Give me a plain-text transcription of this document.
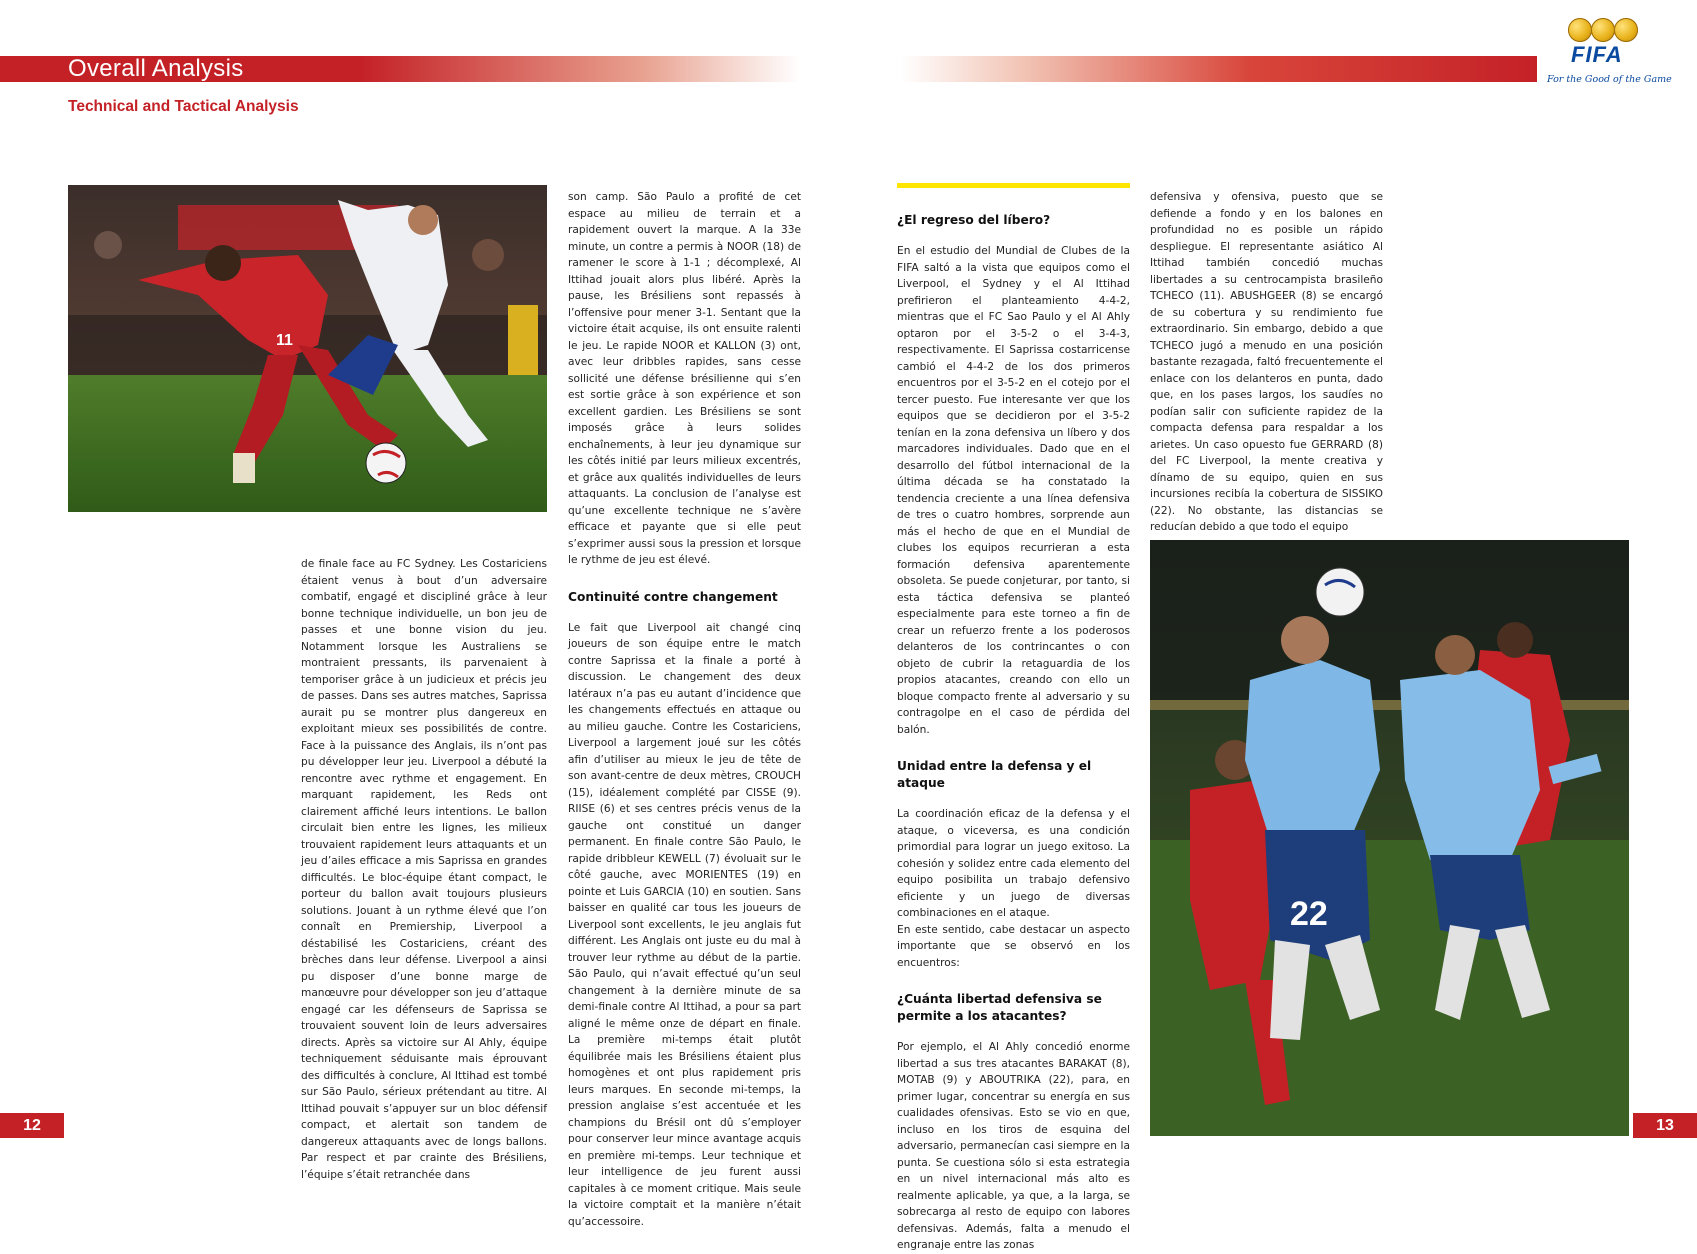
Overall Analysis
Technical and Tactical Analysis
FIFA
For the Good of the Game
11

de finale face au FC Sydney. Les Costariciens étaient venus à bout d’un adversaire combatif, engagé et discipliné grâce à leur bonne technique individuelle, un bon jeu de passes et une bonne vision du jeu. Notamment lorsque les Australiens se montraient pressants, ils parvenaient à temporiser grâce à un judicieux et précis jeu de passes. Dans ses autres matches, Saprissa aurait pu se montrer plus dangereux en exploitant mieux ses possibilités de contre. Face à la puissance des Anglais, ils n’ont pas pu développer leur jeu. Liverpool a débuté la rencontre avec rythme et engagement. En marquant rapidement, les Reds ont clairement affiché leurs intentions. Le ballon circulait bien entre les lignes, les milieux trouvaient rapidement leurs attaquants et un jeu d’ailes efficace a mis Saprissa en grandes difficultés. Le bloc-équipe étant compact, le porteur du ballon avait toujours plusieurs solutions. Jouant à un rythme élevé que l’on connaît en Premiership, Liverpool a déstabilisé les Costariciens, créant des brèches dans leur défense. Liverpool a ainsi pu disposer d’une bonne marge de manœuvre pour développer son jeu d’attaque engagé car les défenseurs de Saprissa se trouvaient souvent loin de leurs adversaires directs. Après sa victoire sur Al Ahly, équipe techniquement séduisante mais éprouvant des difficultés à conclure, Al Ittihad est tombé sur São Paulo, sérieux prétendant au titre. Al Ittihad pouvait s’appuyer sur un bloc défensif compact, et alertait son tandem de dangereux attaquants avec de longs ballons. Par respect et par crainte des Brésiliens, l’équipe s’était retranchée dans

son camp. São Paulo a profité de cet espace au milieu de terrain et a rapidement ouvert la marque. A la 33e minute, un contre a permis à NOOR (18) de ramener le score à 1-1 ; décomplexé, Al Ittihad jouait alors plus libéré. Après la pause, les Brésiliens sont repassés à l’offensive pour mener 3-1. Sentant que la victoire était acquise, ils ont ensuite ralenti le jeu. Le rapide NOOR et KALLON (3) ont, avec leur dribbles rapides, sans cesse sollicité une défense brésilienne qui s’en est sortie grâce à son expérience et son excellent gardien. Les Brésiliens se sont imposés grâce à leurs solides enchaînements, à leur jeu dynamique sur les côtés initié par leurs milieux excentrés, et grâce aux qualités individuelles de leurs attaquants. La conclusion de l’analyse est qu’une excellente technique ne s’avère efficace et payante que si elle peut s’exprimer aussi sous la pression et lorsque le rythme de jeu est élevé.

Continuité contre changement

Le fait que Liverpool ait changé cinq joueurs de son équipe entre le match contre Saprissa et la finale a porté à discussion. Le changement des deux latéraux n’a pas eu autant d’incidence que les changements effectués en attaque ou au milieu gauche. Contre les Costariciens, Liverpool a largement joué sur les côtés afin d’utiliser au mieux le jeu de tête de son avant-centre de deux mètres, CROUCH (15), idéalement complété par CISSE (9). RIISE (6) et ses centres précis venus de la gauche ont constitué un danger permanent. En finale contre São Paulo, le rapide dribbleur KEWELL (7) évoluait sur le côté gauche, avec MORIENTES (19) en pointe et Luis GARCIA (10) en soutien. Sans baisser en qualité car tous les joueurs de Liverpool sont excellents, le jeu anglais fut différent. Les Anglais ont juste eu du mal à trouver leur rythme au début de la partie. São Paulo, qui n’avait effectué qu’un seul changement à la dernière minute de sa demi-finale contre Al Ittihad, a pour sa part aligné le même onze de départ en finale. La première mi-temps était plutôt équilibrée mais les Brésiliens étaient plus homogènes et ont plus rapidement pris leurs marques. En seconde mi-temps, la pression anglaise s’est accentuée et les champions du Brésil ont dû s’employer pour conserver leur mince avantage acquis en première mi-temps. Leur technique et leur intelligence de jeu furent aussi capitales à ce moment critique. Mais seule la victoire comptait et la manière n’était qu’accessoire.

12
¿El regreso del líbero?

En el estudio del Mundial de Clubes de la FIFA saltó a la vista que equipos como el Liverpool, el Sydney y el Al Ittihad prefirieron el planteamiento 4-4-2, mientras que el FC Sao Paulo y el Al Ahly optaron por el 3-5-2 o el 3-4-3, respectivamente. El Saprissa costarricense cambió el 4-4-2 de los dos primeros encuentros por el 3-5-2 en el cotejo por el tercer puesto. Fue interesante ver que los equipos que se decidieron por el 3-5-2 tenían en la zona defensiva un líbero y dos marcadores individuales. Dado que en el desarrollo del fútbol internacional de la última década se ha constatado la tendencia creciente a una línea defensiva de tres o cuatro hombres, sorprende aun más el hecho de que en el Mundial de clubes los equipos recurrieran a esta formación defensiva aparentemente obsoleta. Se puede conjeturar, por tanto, si esta táctica defensiva se planteó especialmente para este torneo a fin de crear un refuerzo frente a los poderosos delanteros de los contrincantes o con objeto de cubrir la retaguardia de los propios atacantes, creando con ello un bloque compacto frente al adversario y su contragolpe en el caso de pérdida del balón.

Unidad entre la defensa y el ataque

La coordinación eficaz de la defensa y el ataque, o viceversa, es una condición primordial para lograr un juego exitoso. La cohesión y solidez entre cada elemento del equipo posibilita un trabajo defensivo eficiente y un juego de diversas combinaciones en el ataque.

En este sentido, cabe destacar un aspecto importante que se observó en los encuentros:

¿Cuánta libertad defensiva se permite a los atacantes?

Por ejemplo, el Al Ahly concedió enorme libertad a sus tres atacantes BARAKAT (8), MOTAB (9) y ABOUTRIKA (22), para, en primer lugar, concentrar su energía en sus cualidades ofensivas. Esto se vio en que, incluso en los tiros de esquina del adversario, permanecían casi siempre en la punta. Se cuestiona sólo si esta estrategia en un nivel internacional más alto es realmente aplicable, ya que, a la larga, se sobrecarga al resto de equipo con labores defensivas. Además, falta a menudo el engranaje entre las zonas

defensiva y ofensiva, puesto que se defiende a fondo y en los balones en profundidad no es posible un rápido despliegue. El representante asiático Al Ittihad también concedió muchas libertades a su centrocampista brasileño TCHECO (11). ABUSHGEER (8) se encargó de su cobertura y su rendimiento fue extraordinario. Sin embargo, debido a que TCHECO jugó a menudo en una posición bastante rezagada, faltó frecuentemente el enlace con los delanteros en punta, dado que, en los pases largos, los saudíes no podían salir con suficiente rapidez de la compacta defensa para respaldar a los arietes. Un caso opuesto fue GERRARD (8) del FC Liverpool, la mente creativa y dínamo de su equipo, quien en sus incursiones recibía la cobertura de SISSIKO (22). No obstante, las distancias se reducían debido a que todo el equipo

22
13
